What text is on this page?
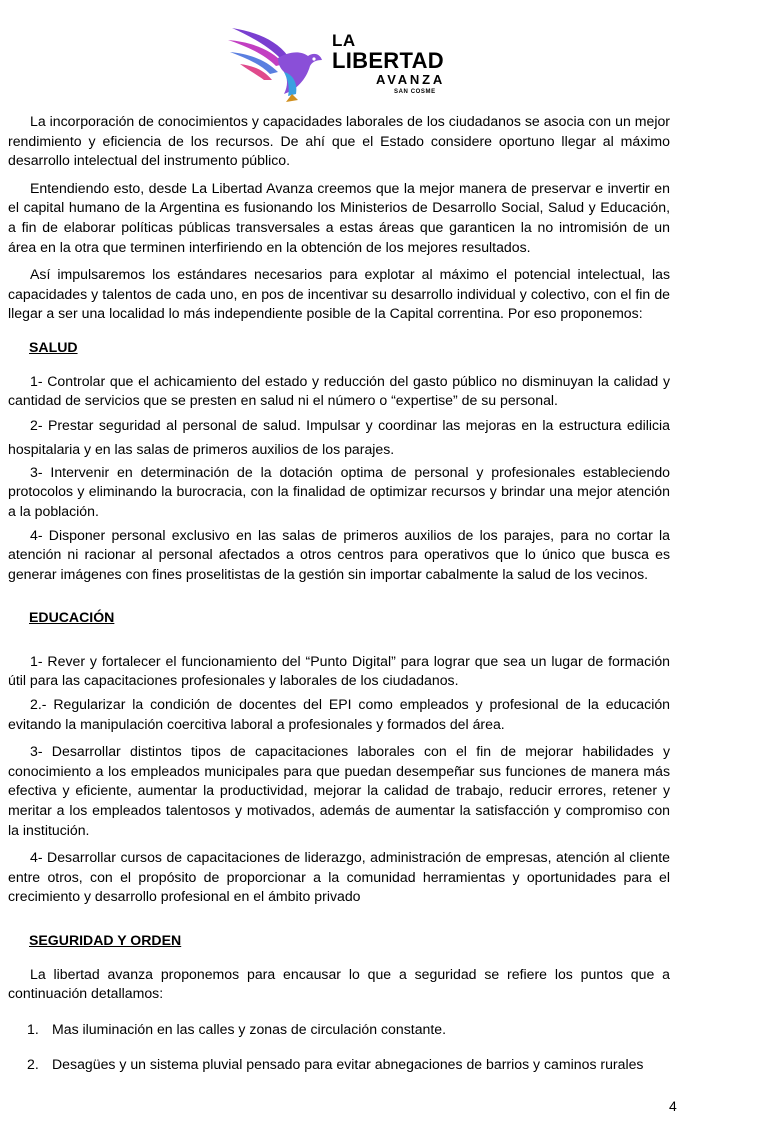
LA
LIBERTAD
AVANZA
SAN COSME

La incorporación de conocimientos y capacidades laborales de los ciudadanos se asocia con un mejor rendimiento y eficiencia de los recursos. De ahí que el Estado considere oportuno llegar al máximo desarrollo intelectual del instrumento público.

Entendiendo esto, desde La Libertad Avanza creemos que la mejor manera de preservar e invertir en el capital humano de la Argentina es fusionando los Ministerios de Desarrollo Social, Salud y Educación, a fin de elaborar políticas públicas transversales a estas áreas que garanticen la no intromisión de un área en la otra que terminen interfiriendo en la obtención de los mejores resultados.

Así impulsaremos los estándares necesarios para explotar al máximo el potencial intelectual, las capacidades y talentos de cada uno, en pos de incentivar su desarrollo individual y colectivo, con el fin de llegar a ser una localidad lo más independiente posible de la Capital correntina. Por eso proponemos:

SALUD

1- Controlar que el achicamiento del estado y reducción del gasto público no disminuyan la calidad y cantidad de servicios que se presten en salud ni el número o “expertise” de su personal.

2- Prestar seguridad al personal de salud. Impulsar y coordinar las mejoras en la estructura edilicia hospitalaria y en las salas de primeros auxilios de los parajes.

3- Intervenir en determinación de la dotación optima de personal y profesionales estableciendo protocolos y eliminando la burocracia, con la finalidad de optimizar recursos y brindar una mejor atención a la población.

4- Disponer personal exclusivo en las salas de primeros auxilios de los parajes, para no cortar la atención ni racionar al personal afectados a otros centros para operativos que lo único que busca es generar imágenes con fines proselitistas de la gestión sin importar cabalmente la salud de los vecinos.

EDUCACIÓN

1- Rever y fortalecer el funcionamiento del “Punto Digital” para lograr que sea un lugar de formación útil para las capacitaciones profesionales y laborales de los ciudadanos.

2.- Regularizar la condición de docentes del EPI como empleados y profesional de la educación evitando la manipulación coercitiva laboral a profesionales y formados del área.

3- Desarrollar distintos tipos de capacitaciones laborales con el fin de mejorar habilidades y conocimiento a los empleados municipales para que puedan desempeñar sus funciones de manera más efectiva y eficiente, aumentar la productividad, mejorar la calidad de trabajo, reducir errores, retener y meritar a los empleados talentosos y motivados, además de aumentar la satisfacción y compromiso con la institución.

4- Desarrollar cursos de capacitaciones de liderazgo, administración de empresas, atención al cliente entre otros, con el propósito de proporcionar a la comunidad herramientas y oportunidades para el crecimiento y desarrollo profesional en el ámbito privado

SEGURIDAD Y ORDEN

La libertad avanza proponemos para encausar lo que a seguridad se refiere los puntos que a continuación detallamos:

1. Mas iluminación en las calles y zonas de circulación constante.
2. Desagües y un sistema pluvial pensado para evitar abnegaciones de barrios y caminos rurales
4
